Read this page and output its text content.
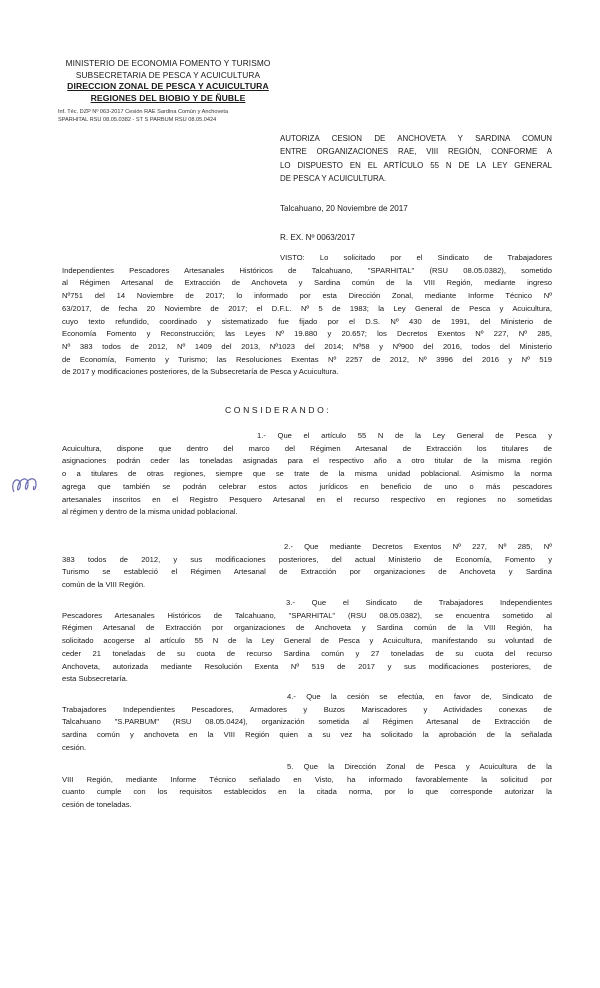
MINISTERIO DE ECONOMIA FOMENTO Y TURISMO
SUBSECRETARIA DE PESCA Y ACUICULTURA
DIRECCION ZONAL DE PESCA Y ACUICULTURA
REGIONES DEL BIOBIO Y DE ÑUBLE
Inf. Téc. DZP Nº 063-2017 Cesión RAE Sardina Común y Anchoveta
SPARHITAL RSU 08.05.0382 - ST S PARBUM RSU 08.05.0424
AUTORIZA CESION DE ANCHOVETA Y SARDINA COMUN
ENTRE ORGANIZACIONES RAE, VIII REGIÓN, CONFORME A
LO DISPUESTO EN EL ARTÍCULO 55 N DE LA LEY GENERAL
DE PESCA Y ACUICULTURA.
Talcahuano, 20 Noviembre de 2017
R. EX. Nº 0063/2017
VISTO: Lo solicitado por el Sindicato de Trabajadores
Independientes Pescadores Artesanales Históricos de Talcahuano, "SPARHITAL" (RSU 08.05.0382), sometido
al Régimen Artesanal de Extracción de Anchoveta y Sardina común de la VIII Región, mediante ingreso
Nº751 del 14 Noviembre de 2017; lo informado por esta Dirección Zonal, mediante Informe Técnico Nº
63/2017, de fecha 20 Noviembre de 2017; el D.F.L. Nº 5 de 1983; la Ley General de Pesca y Acuicultura,
cuyo texto refundido, coordinado y sistematizado fue fijado por el D.S. Nº 430 de 1991, del Ministerio de
Economía Fomento y Reconstrucción; las Leyes Nº 19.880 y 20.657; los Decretos Exentos Nº 227, Nº 285,
Nº 383 todos de 2012, Nº 1409 del 2013, Nº1023 del 2014; Nº58 y Nº900 del 2016, todos del Ministerio
de Economía, Fomento y Turismo; las Resoluciones Exentas Nº 2257 de 2012, Nº 3996 del 2016 y Nº 519
de 2017 y modificaciones posteriores, de la Subsecretaría de Pesca y Acuicultura.
CONSIDERANDO:
1.- Que el artículo 55 N de la Ley General de Pesca y
Acuicultura, dispone que dentro del marco del Régimen Artesanal de Extracción los titulares de
asignaciones podrán ceder las toneladas asignadas para el respectivo año a otro titular de la misma región
o a titulares de otras regiones, siempre que se trate de la misma unidad poblacional. Asimismo la norma
agrega que también se podrán celebrar estos actos jurídicos en beneficio de uno o más pescadores
artesanales inscritos en el Registro Pesquero Artesanal en el recurso respectivo en regiones no sometidas
al régimen y dentro de la misma unidad poblacional.
2.- Que mediante Decretos Exentos Nº 227, Nº 285, Nº
383 todos de 2012, y sus modificaciones posteriores, del actual Ministerio de Economía, Fomento y
Turismo se estableció el Régimen Artesanal de Extracción por organizaciones de Anchoveta y Sardina
común de la VIII Región.
3.- Que el Sindicato de Trabajadores Independientes
Pescadores Artesanales Históricos de Talcahuano, "SPARHITAL" (RSU 08.05.0382), se encuentra sometido al
Régimen Artesanal de Extracción por organizaciones de Anchoveta y Sardina común de la VIII Región, ha
solicitado acogerse al artículo 55 N de la Ley General de Pesca y Acuicultura, manifestando su voluntad de
ceder 21 toneladas de su cuota de recurso Sardina común y 27 toneladas de su cuota del recurso
Anchoveta, autorizada mediante Resolución Exenta Nº 519 de 2017 y sus modificaciones posteriores, de
esta Subsecretaría.
4.- Que la cesión se efectúa, en favor de, Sindicato de
Trabajadores Independientes Pescadores, Armadores y Buzos Mariscadores y Actividades conexas de
Talcahuano "S.PARBUM" (RSU 08.05.0424), organización sometida al Régimen Artesanal de Extracción de
sardina común y anchoveta en la VIII Región quien a su vez ha solicitado la aprobación de la señalada
cesión.
5. Que la Dirección Zonal de Pesca y Acuicultura de la
VIII Región, mediante Informe Técnico señalado en Visto, ha informado favorablemente la solicitud por
cuanto cumple con los requisitos establecidos en la citada norma, por lo que corresponde autorizar la
cesión de toneladas.
